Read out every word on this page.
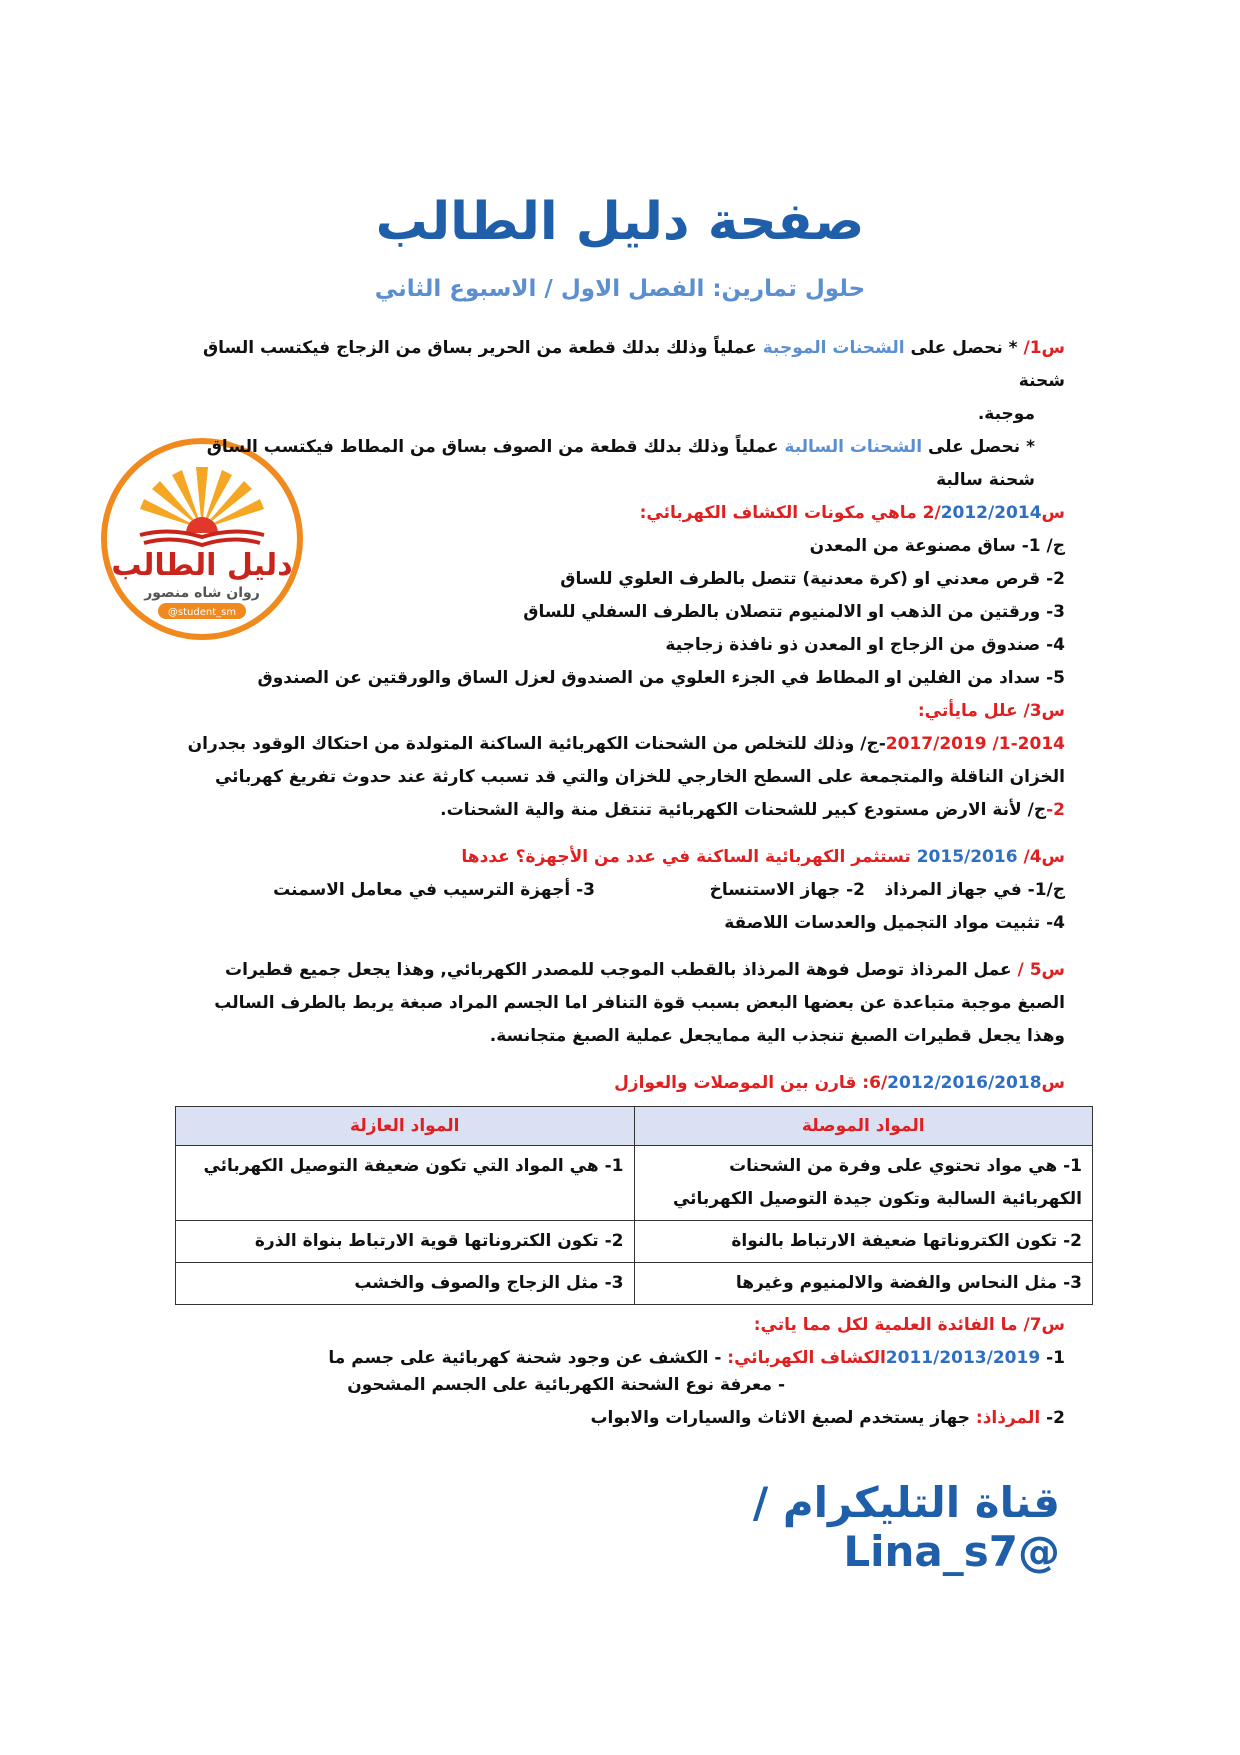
صفحة دليل الطالب
حلول تمارين: الفصل الاول / الاسبوع الثاني
دليل الطالب
روان شاه منصور
@student_sm

س1/ * نحصل على الشحنات الموجبة عملياً وذلك بدلك قطعة من الحرير بساق من الزجاج فيكتسب الساق شحنة

موجبة.

* نحصل على الشحنات السالبة عملياً وذلك بدلك قطعة من الصوف بساق من المطاط فيكتسب الساق

شحنة سالبة

س2/2012/2014 ماهي مكونات الكشاف الكهربائي:

ج/ 1- ساق مصنوعة من المعدن

2- قرص معدني او (كرة معدنية) تتصل بالطرف العلوي للساق

3- ورقتين من الذهب او الالمنيوم تتصلان بالطرف السفلي للساق

4- صندوق من الزجاج او المعدن ذو نافذة زجاجية

5- سداد من الفلين او المطاط في الجزء العلوي من الصندوق لعزل الساق والورقتين عن الصندوق

س3/ علل مايأتي:

1-2014/ 2017/2019-ج/ وذلك للتخلص من الشحنات الكهربائية الساكنة المتولدة من احتكاك الوقود بجدران

الخزان الناقلة والمتجمعة على السطح الخارجي للخزان والتي قد تسبب كارثة عند حدوث تفريغ كهربائي

2-ج/ لأنة الارض مستودع كبير للشحنات الكهربائية تنتقل منة والية الشحنات.

س4/ 2015/2016 تستثمر الكهربائية الساكنة في عدد من الأجهزة؟ عددها

ج/1- في جهاز المرذاذ
2- جهاز الاستنساخ
3- أجهزة الترسيب في معامل الاسمنت

4- تثبيت مواد التجميل والعدسات اللاصقة

س5 / عمل المرذاذ توصل فوهة المرذاذ بالقطب الموجب للمصدر الكهربائي, وهذا يجعل جميع قطيرات

الصبغ موجبة متباعدة عن بعضها البعض بسبب قوة التنافر اما الجسم المراد صبغة يربط بالطرف السالب

وهذا يجعل قطيرات الصبغ تنجذب الية ممايجعل عملية الصبغ متجانسة.

س6/2012/2016/2018: قارن بين الموصلات والعوازل

المواد الموصلة	المواد العازلة
1- هي مواد تحتوي على وفرة من الشحنات الكهربائية السالبة وتكون جيدة التوصيل الكهربائي	1- هي المواد التي تكون ضعيفة التوصيل الكهربائي
2- تكون الكتروناتها ضعيفة الارتباط بالنواة	2- تكون الكتروناتها قوية الارتباط بنواة الذرة
3- مثل النحاس والفضة والالمنيوم وغيرها	3- مثل الزجاج والصوف والخشب

س7/ ما الفائدة العلمية لكل مما ياتي:

1- 2011/2013/2019الكشاف الكهربائي: - الكشف عن وجود شحنة كهربائية على جسم ما

- معرفة نوع الشحنة الكهربائية على الجسم المشحون

2- المرذاذ: جهاز يستخدم لصبغ الاثاث والسيارات والابواب

قناة التليكرام / @Lina_s7
